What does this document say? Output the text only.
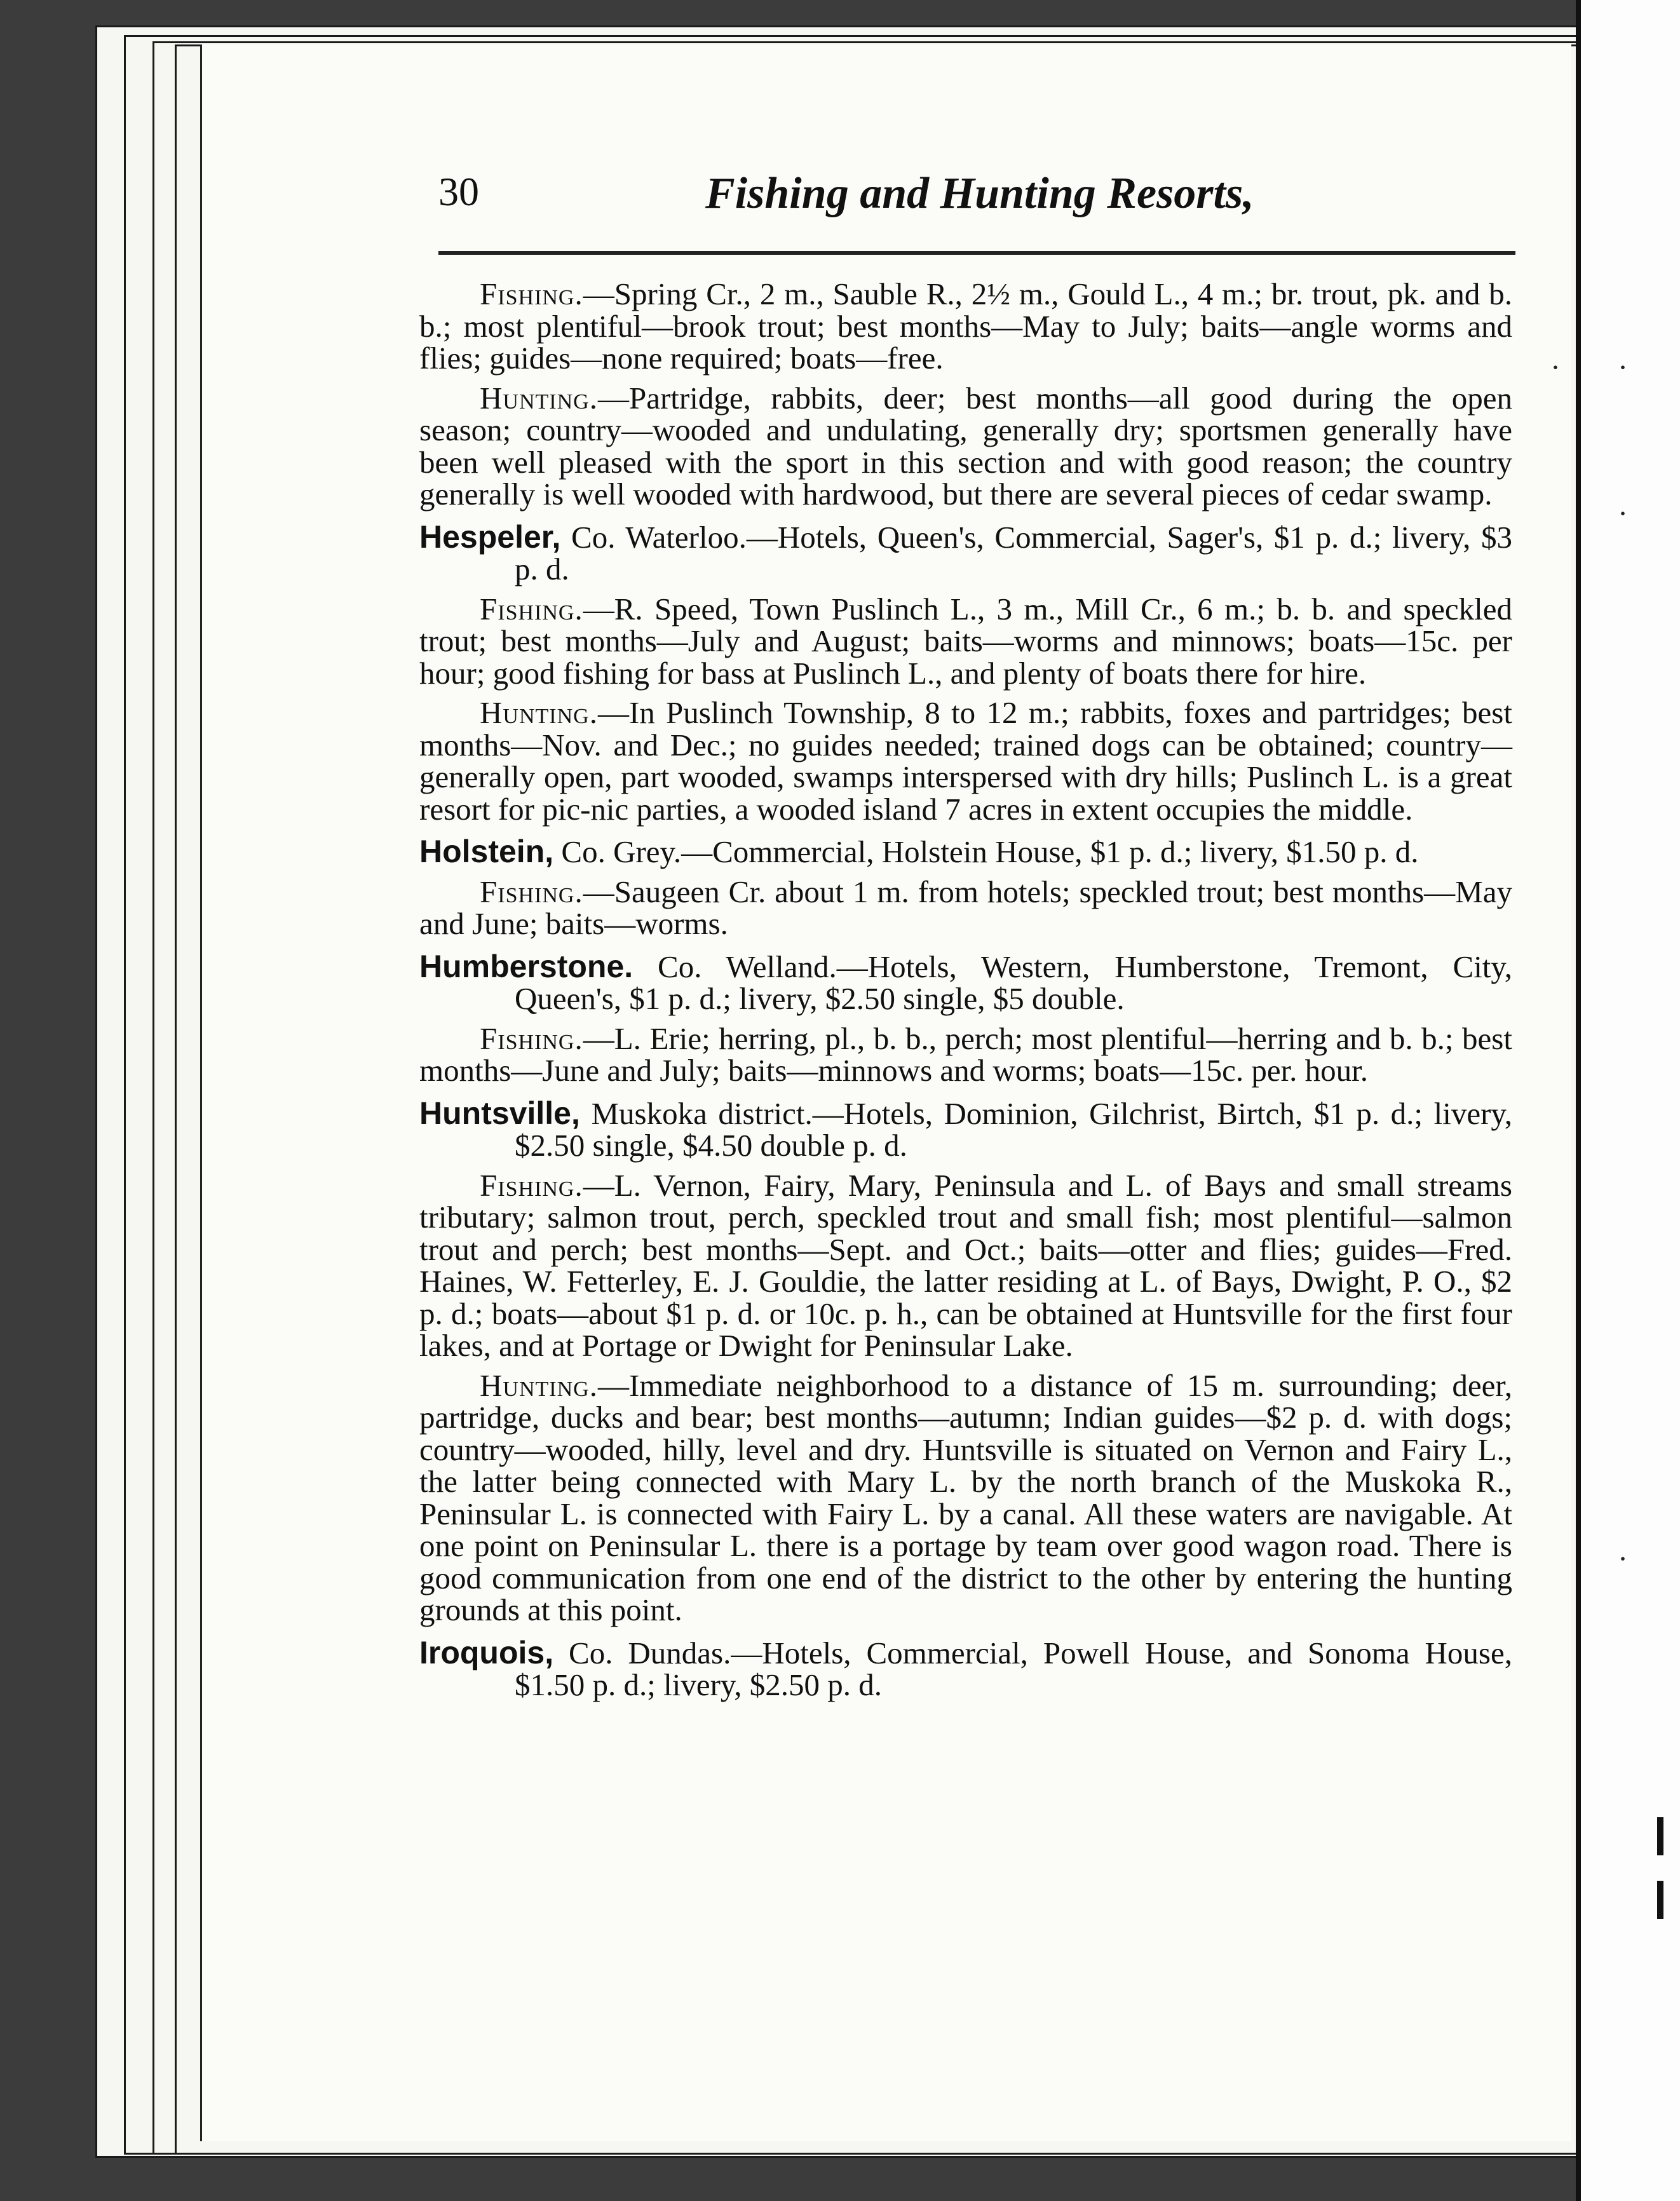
·
·
·
·
30	Fishing and Hunting Resorts,

Fishing.—Spring Cr., 2 m., Sauble R., 2½ m., Gould L., 4 m.; br. trout, pk. and b. b.; most plentiful—brook trout; best months—May to July; baits—angle worms and flies; guides—none required; boats—free.

Hunting.—Partridge, rabbits, deer; best months—all good during the open season; country—wooded and undulating, generally dry; sportsmen generally have been well pleased with the sport in this section and with good reason; the country generally is well wooded with hardwood, but there are several pieces of cedar swamp.

Hespeler, Co. Waterloo.—Hotels, Queen's, Commercial, Sager's, $1 p. d.; livery, $3 p. d.

Fishing.—R. Speed, Town Puslinch L., 3 m., Mill Cr., 6 m.; b. b. and speckled trout; best months—July and August; baits—worms and minnows; boats—15c. per hour; good fishing for bass at Puslinch L., and plenty of boats there for hire.

Hunting.—In Puslinch Township, 8 to 12 m.; rabbits, foxes and partridges; best months—Nov. and Dec.; no guides needed; trained dogs can be obtained; country—generally open, part wooded, swamps interspersed with dry hills; Puslinch L. is a great resort for pic-nic parties, a wooded island 7 acres in extent occupies the middle.

Holstein, Co. Grey.—Commercial, Holstein House, $1 p. d.; livery, $1.50 p. d.

Fishing.—Saugeen Cr. about 1 m. from hotels; speckled trout; best months—May and June; baits—worms.

Humberstone. Co. Welland.—Hotels, Western, Humberstone, Tremont, City, Queen's, $1 p. d.; livery, $2.50 single, $5 double.

Fishing.—L. Erie; herring, pl., b. b., perch; most plentiful—herring and b. b.; best months—June and July; baits—minnows and worms; boats—15c. per. hour.

Huntsville, Muskoka district.—Hotels, Dominion, Gilchrist, Birtch, $1 p. d.; livery, $2.50 single, $4.50 double p. d.

Fishing.—L. Vernon, Fairy, Mary, Peninsula and L. of Bays and small streams tributary; salmon trout, perch, speckled trout and small fish; most plentiful—salmon trout and perch; best months—Sept. and Oct.; baits—otter and flies; guides—Fred. Haines, W. Fetterley, E. J. Gouldie, the latter residing at L. of Bays, Dwight, P. O., $2 p. d.; boats—about $1 p. d. or 10c. p. h., can be obtained at Huntsville for the first four lakes, and at Portage or Dwight for Peninsular Lake.

Hunting.—Immediate neighborhood to a distance of 15 m. surrounding; deer, partridge, ducks and bear; best months—autumn; Indian guides—$2 p. d. with dogs; country—wooded, hilly, level and dry. Huntsville is situated on Vernon and Fairy L., the latter being connected with Mary L. by the north branch of the Muskoka R., Peninsular L. is connected with Fairy L. by a canal. All these waters are navigable. At one point on Peninsular L. there is a portage by team over good wagon road. There is good communication from one end of the district to the other by entering the hunting grounds at this point.

Iroquois, Co. Dundas.—Hotels, Commercial, Powell House, and Sonoma House, $1.50 p. d.; livery, $2.50 p. d.
